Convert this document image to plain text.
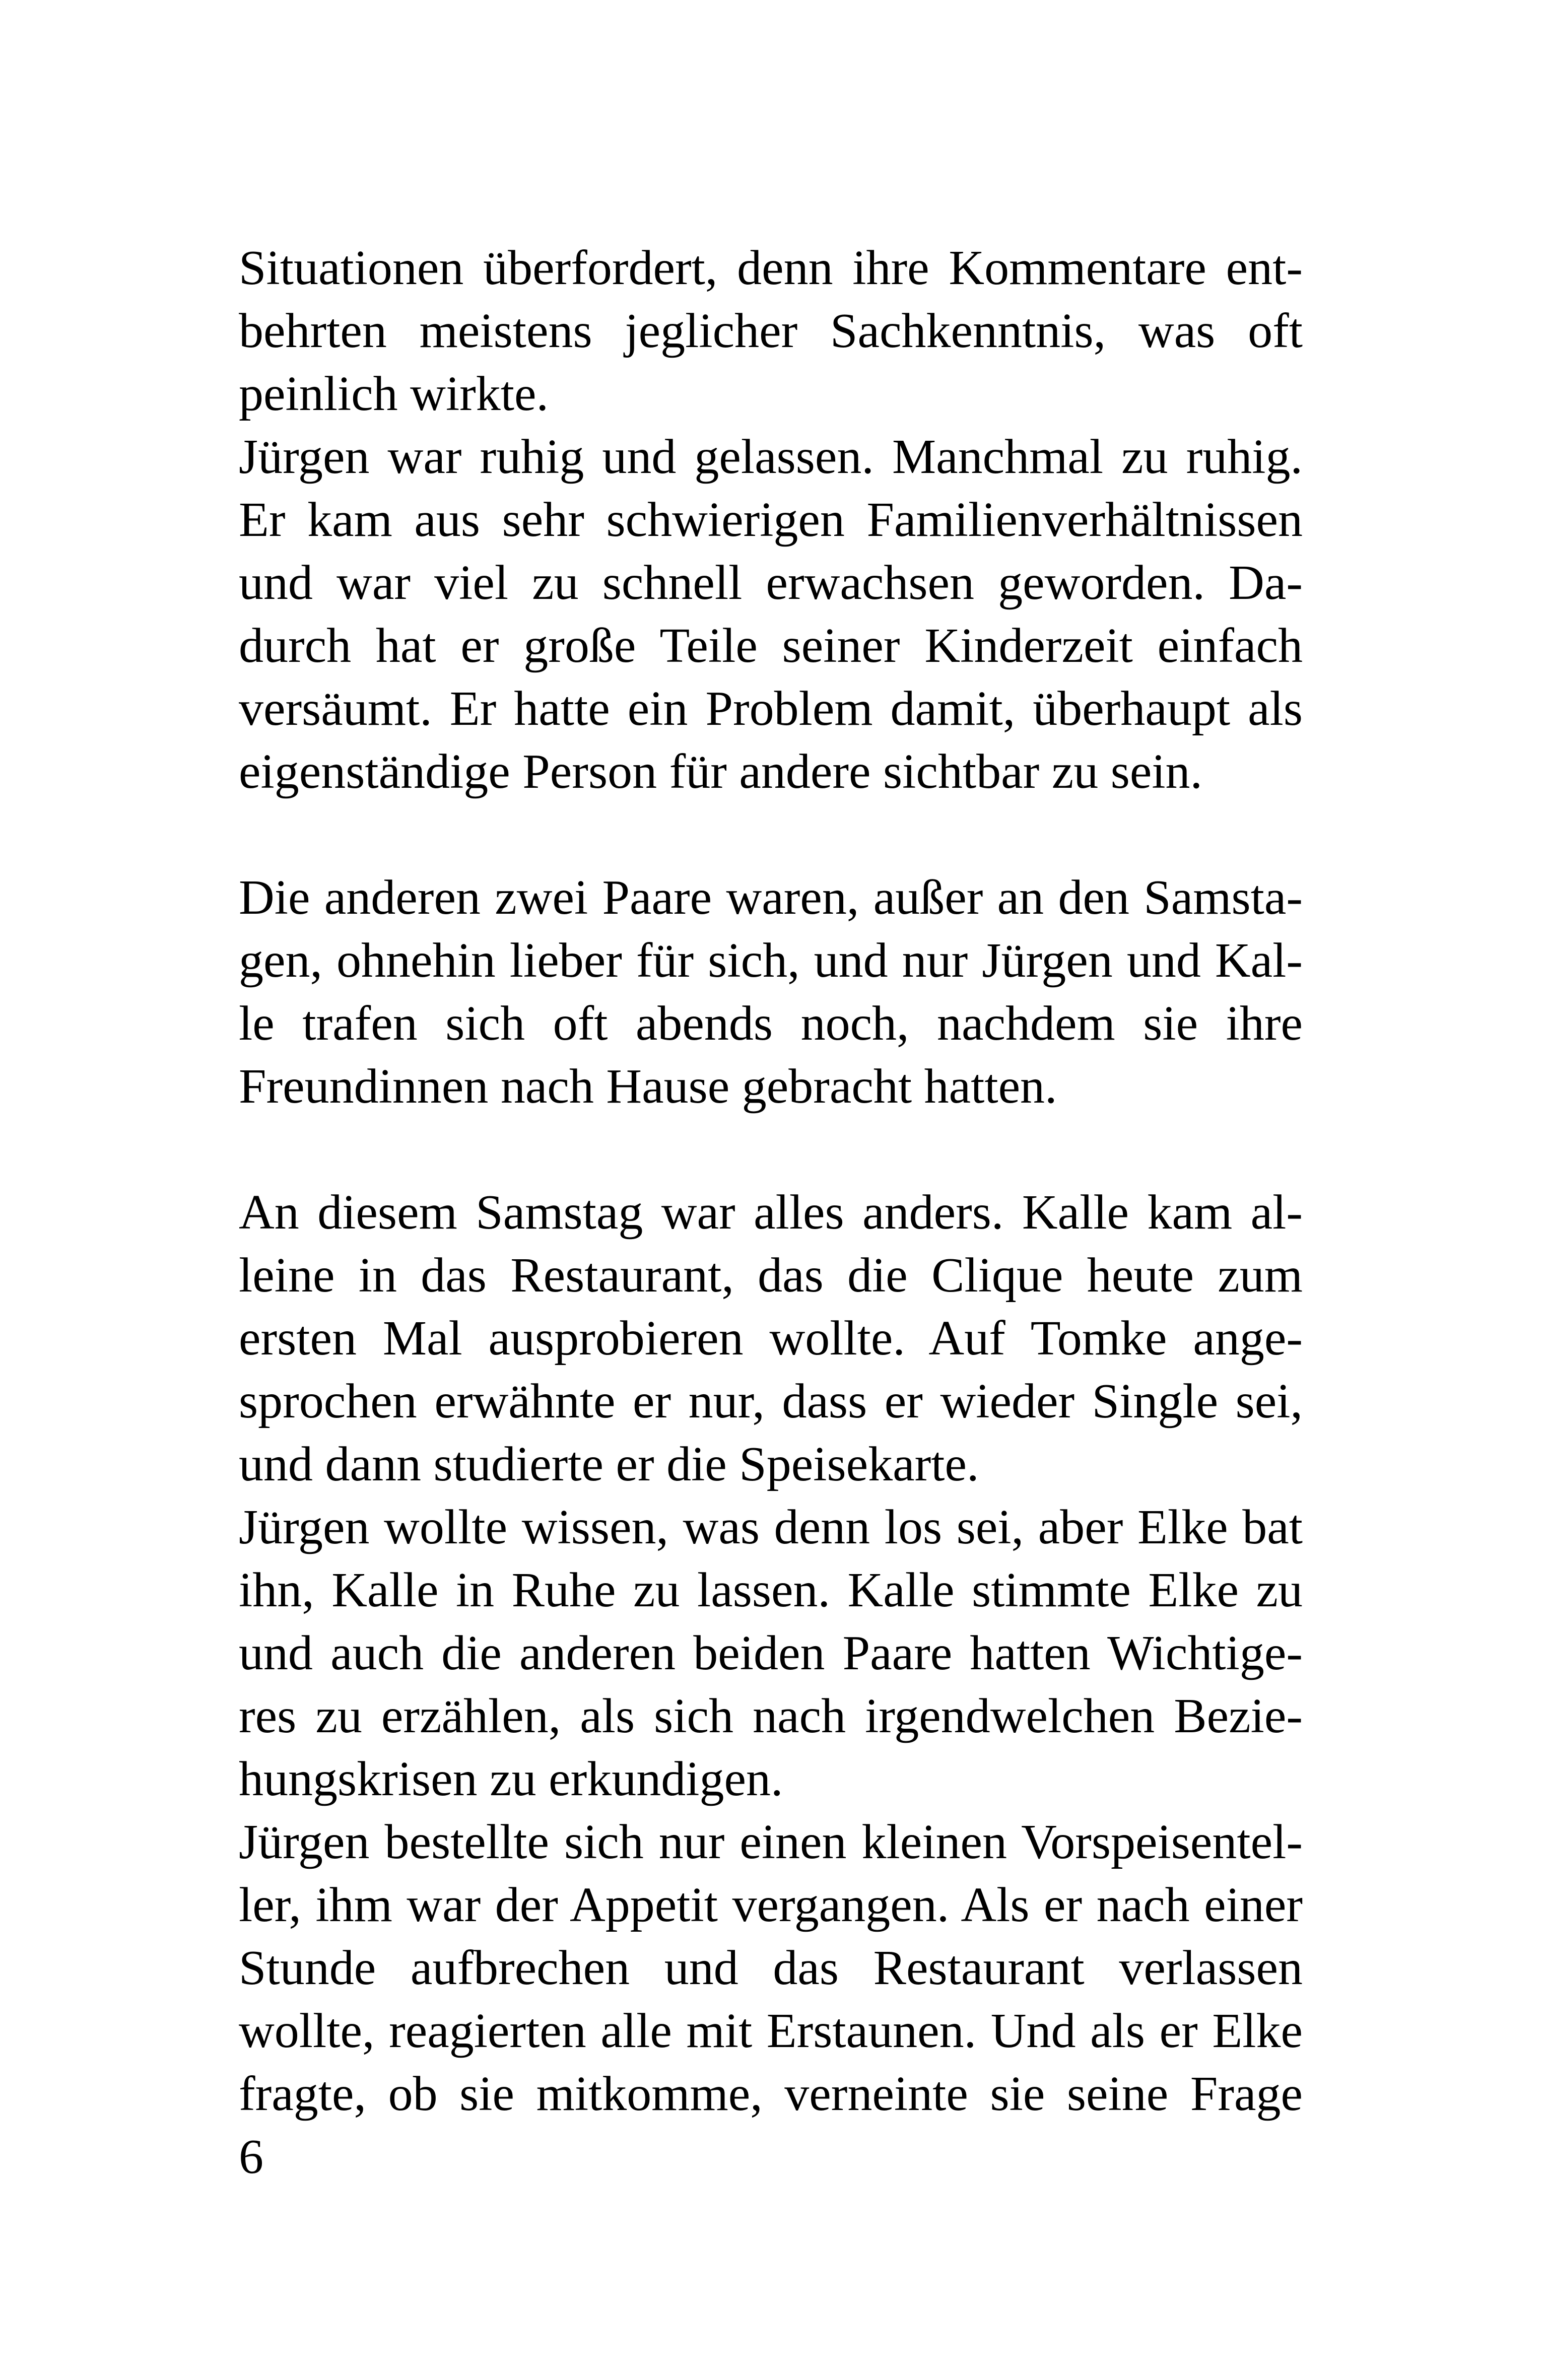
Situationen überfordert, denn ihre Kommentare ent-
behrten meistens jeglicher Sachkenntnis, was oft
peinlich wirkte.
Jürgen war ruhig und gelassen. Manchmal zu ruhig.
Er kam aus sehr schwierigen Familienverhältnissen
und war viel zu schnell erwachsen geworden. Da-
durch hat er große Teile seiner Kinderzeit einfach
versäumt. Er hatte ein Problem damit, überhaupt als
eigenständige Person für andere sichtbar zu sein.
Die anderen zwei Paare waren, außer an den Samsta-
gen, ohnehin lieber für sich, und nur Jürgen und Kal-
le trafen sich oft abends noch, nachdem sie ihre
Freundinnen nach Hause gebracht hatten.
An diesem Samstag war alles anders. Kalle kam al-
leine in das Restaurant, das die Clique heute zum
ersten Mal ausprobieren wollte. Auf Tomke ange-
sprochen erwähnte er nur, dass er wieder Single sei,
und dann studierte er die Speisekarte.
Jürgen wollte wissen, was denn los sei, aber Elke bat
ihn, Kalle in Ruhe zu lassen. Kalle stimmte Elke zu
und auch die anderen beiden Paare hatten Wichtige-
res zu erzählen, als sich nach irgendwelchen Bezie-
hungskrisen zu erkundigen.
Jürgen bestellte sich nur einen kleinen Vorspeisentel-
ler, ihm war der Appetit vergangen. Als er nach einer
Stunde aufbrechen und das Restaurant verlassen
wollte, reagierten alle mit Erstaunen. Und als er Elke
fragte, ob sie mitkomme, verneinte sie seine Frage
6
